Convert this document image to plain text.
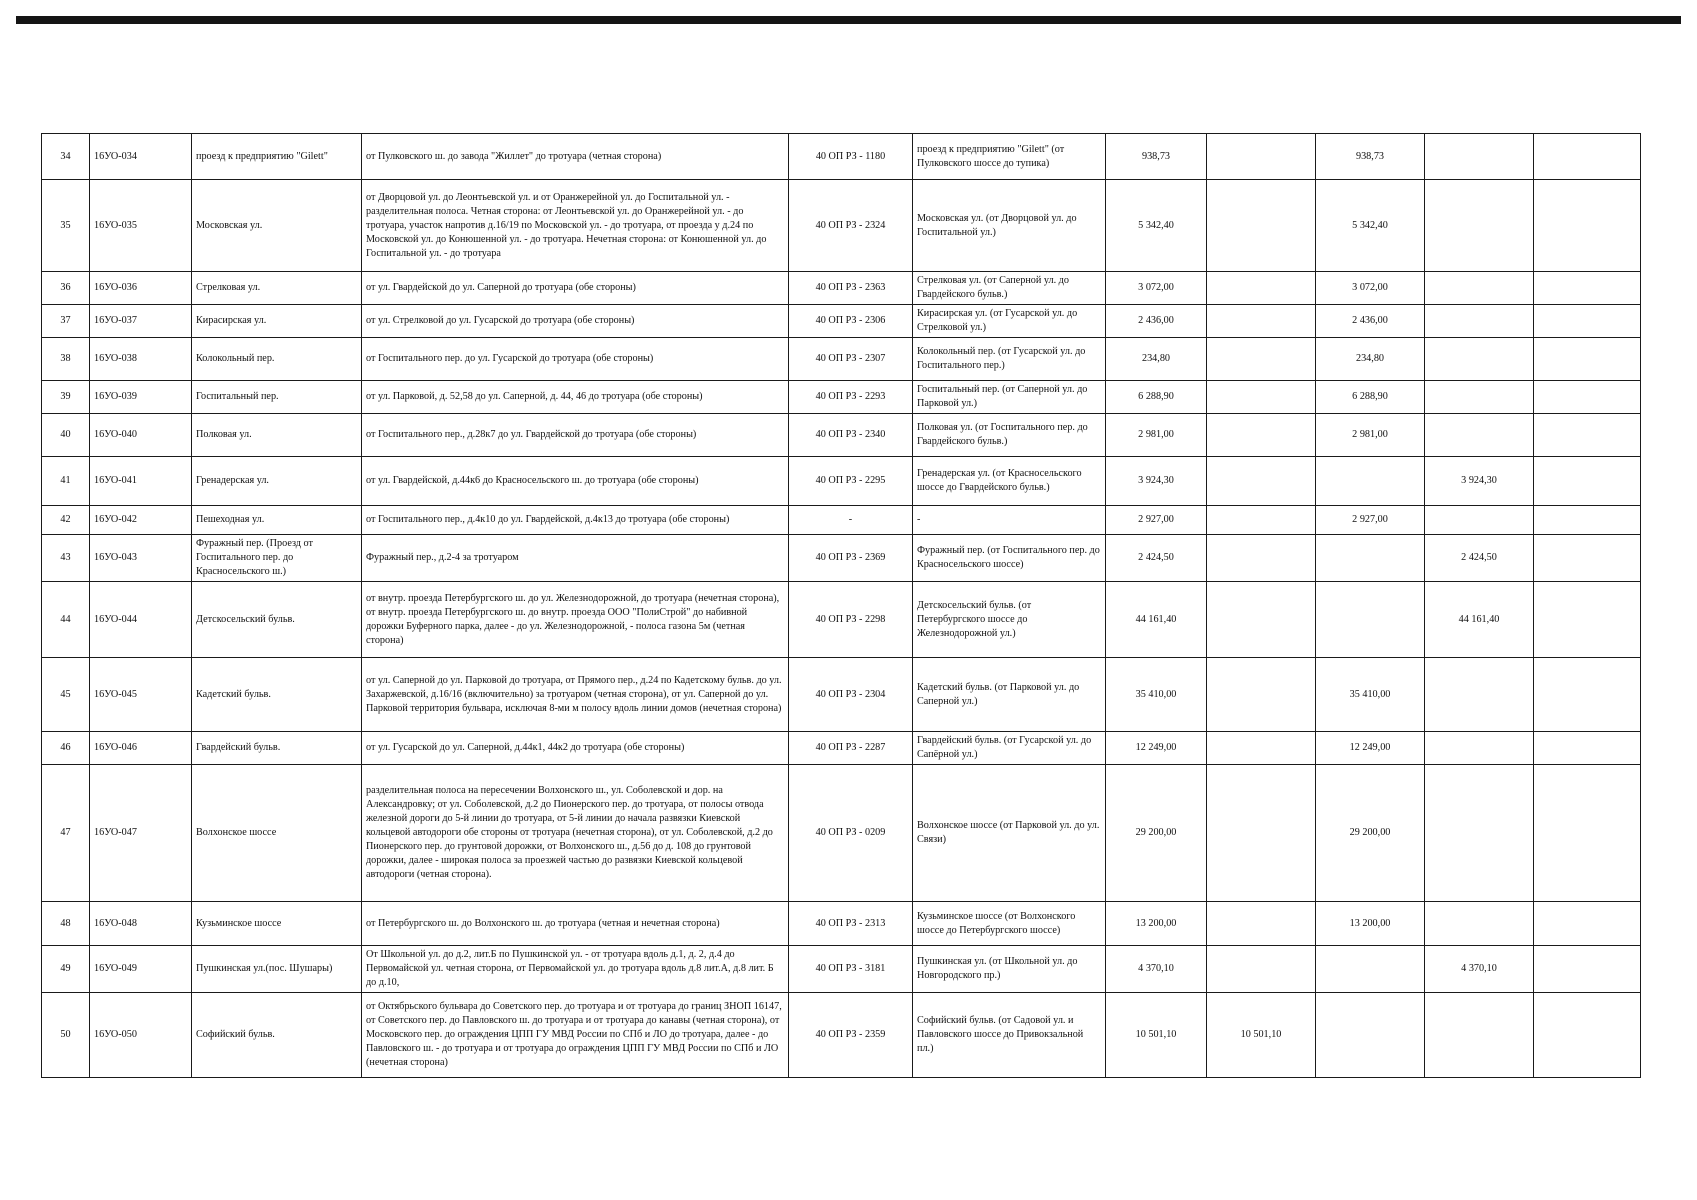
34	16УО-034	проезд к предприятию "Gilett"	от Пулковского ш. до завода "Жиллет" до тротуара (четная сторона)	40 ОП РЗ - 1180	проезд к предприятию "Gilett" (от Пулковского шоссе до тупика)	938,73		938,73		
35	16УО-035	Московская ул.	от Дворцовой ул. до Леонтьевской ул. и от Оранжерейной ул. до Госпитальной ул. - разделительная полоса. Четная сторона: от Леонтьевской ул. до Оранжерейной ул. - до тротуара, участок напротив д.16/19 по Московской ул. - до тротуара, от проезда у д.24 по Московской ул. до Конюшенной ул. - до тротуара. Нечетная сторона: от Конюшенной ул. до Госпитальной ул. - до тротуара	40 ОП РЗ - 2324	Московская ул. (от Дворцовой ул. до Госпитальной ул.)	5 342,40		5 342,40		
36	16УО-036	Стрелковая ул.	от ул. Гвардейской до ул. Саперной до тротуара (обе стороны)	40 ОП РЗ - 2363	Стрелковая ул. (от Саперной ул. до Гвардейского бульв.)	3 072,00		3 072,00		
37	16УО-037	Кирасирская ул.	от ул. Стрелковой до ул. Гусарской до тротуара (обе стороны)	40 ОП РЗ - 2306	Кирасирская ул. (от Гусарской ул. до Стрелковой ул.)	2 436,00		2 436,00		
38	16УО-038	Колокольный пер.	от Госпитального пер. до ул. Гусарской до тротуара (обе стороны)	40 ОП РЗ - 2307	Колокольный пер. (от Гусарской ул. до Госпитального пер.)	234,80		234,80		
39	16УО-039	Госпитальный пер.	от ул. Парковой, д. 52,58 до ул. Саперной, д. 44, 46 до тротуара (обе стороны)	40 ОП РЗ - 2293	Госпитальный пер. (от Саперной ул. до Парковой ул.)	6 288,90		6 288,90		
40	16УО-040	Полковая ул.	от Госпитального пер., д.28к7 до ул. Гвардейской до тротуара (обе стороны)	40 ОП РЗ - 2340	Полковая ул. (от Госпитального пер. до Гвардейского бульв.)	2 981,00		2 981,00		
41	16УО-041	Гренадерская ул.	от ул. Гвардейской, д.44к6 до Красносельского ш. до тротуара (обе стороны)	40 ОП РЗ - 2295	Гренадерская ул. (от Красносельского шоссе до Гвардейского бульв.)	3 924,30			3 924,30	
42	16УО-042	Пешеходная ул.	от Госпитального пер., д.4к10 до ул. Гвардейской, д.4к13 до тротуара (обе стороны)	-	-	2 927,00		2 927,00		
43	16УО-043	Фуражный пер. (Проезд от Госпитального пер. до Красносельского ш.)	Фуражный пер., д.2-4 за тротуаром	40 ОП РЗ - 2369	Фуражный пер. (от Госпитального пер. до Красносельского шоссе)	2 424,50			2 424,50	
44	16УО-044	Детскосельский бульв.	от внутр. проезда Петербургского ш. до ул. Железнодорожной, до тротуара (нечетная сторона), от внутр. проезда Петербургского ш. до внутр. проезда ООО "ПолиСтрой" до набивной дорожки Буферного парка, далее - до ул. Железнодорожной, - полоса газона 5м (четная сторона)	40 ОП РЗ - 2298	Детскосельский бульв. (от Петербургского шоссе до Железнодорожной ул.)	44 161,40			44 161,40	
45	16УО-045	Кадетский бульв.	от ул. Саперной до ул. Парковой до тротуара, от Прямого пер., д.24 по Кадетскому бульв. до ул. Захаржевской, д.16/16 (включительно) за тротуаром (четная сторона), от ул. Саперной до ул. Парковой территория бульвара, исключая 8-ми м полосу вдоль линии домов (нечетная сторона)	40 ОП РЗ - 2304	Кадетский бульв. (от Парковой ул. до Саперной ул.)	35 410,00		35 410,00		
46	16УО-046	Гвардейский бульв.	от ул. Гусарской до ул. Саперной, д.44к1, 44к2 до тротуара (обе стороны)	40 ОП РЗ - 2287	Гвардейский бульв. (от Гусарской ул. до Сапёрной ул.)	12 249,00		12 249,00		
47	16УО-047	Волхонское шоссе	разделительная полоса на пересечении Волхонского ш., ул. Соболевской и дор. на Александровку; от ул. Соболевской, д.2 до Пионерского пер. до тротуара, от полосы отвода железной дороги до 5-й линии до тротуара, от 5-й линии до начала развязки Киевской кольцевой автодороги обе стороны от тротуара (нечетная сторона), от ул. Соболевской, д.2 до Пионерского пер. до грунтовой дорожки, от Волхонского ш., д.56 до д. 108 до грунтовой дорожки, далее - широкая полоса за проезжей частью до развязки Киевской кольцевой автодороги (четная сторона).	40 ОП РЗ - 0209	Волхонское шоссе (от Парковой ул. до ул. Связи)	29 200,00		29 200,00		
48	16УО-048	Кузьминское шоссе	от Петербургского ш. до Волхонского ш. до тротуара (четная и нечетная сторона)	40 ОП РЗ - 2313	Кузьминское шоссе (от Волхонского шоссе до Петербургского шоссе)	13 200,00		13 200,00		
49	16УО-049	Пушкинская ул.(пос. Шушары)	От Школьной ул. до д.2, лит.Б по Пушкинской ул. - от тротуара вдоль д.1, д. 2, д.4 до Первомайской ул. четная сторона, от Первомайской ул. до тротуара вдоль д.8 лит.А, д.8 лит. Б до д.10,	40 ОП РЗ - 3181	Пушкинская ул. (от Школьной ул. до Новгородского пр.)	4 370,10			4 370,10	
50	16УО-050	Софийский бульв.	от Октябрьского бульвара до Советского пер. до тротуара и от тротуара до границ ЗНОП 16147, от Советского пер. до Павловского ш. до тротуара и от тротуара до канавы (четная сторона), от Московского пер. до ограждения ЦПП ГУ МВД России по СПб и ЛО до тротуара, далее - до Павловского ш. - до тротуара и от тротуара до ограждения ЦПП ГУ МВД России по СПб и ЛО (нечетная сторона)	40 ОП РЗ - 2359	Софийский бульв. (от Садовой ул. и Павловского шоссе до Привокзальной пл.)	10 501,10	10 501,10			
